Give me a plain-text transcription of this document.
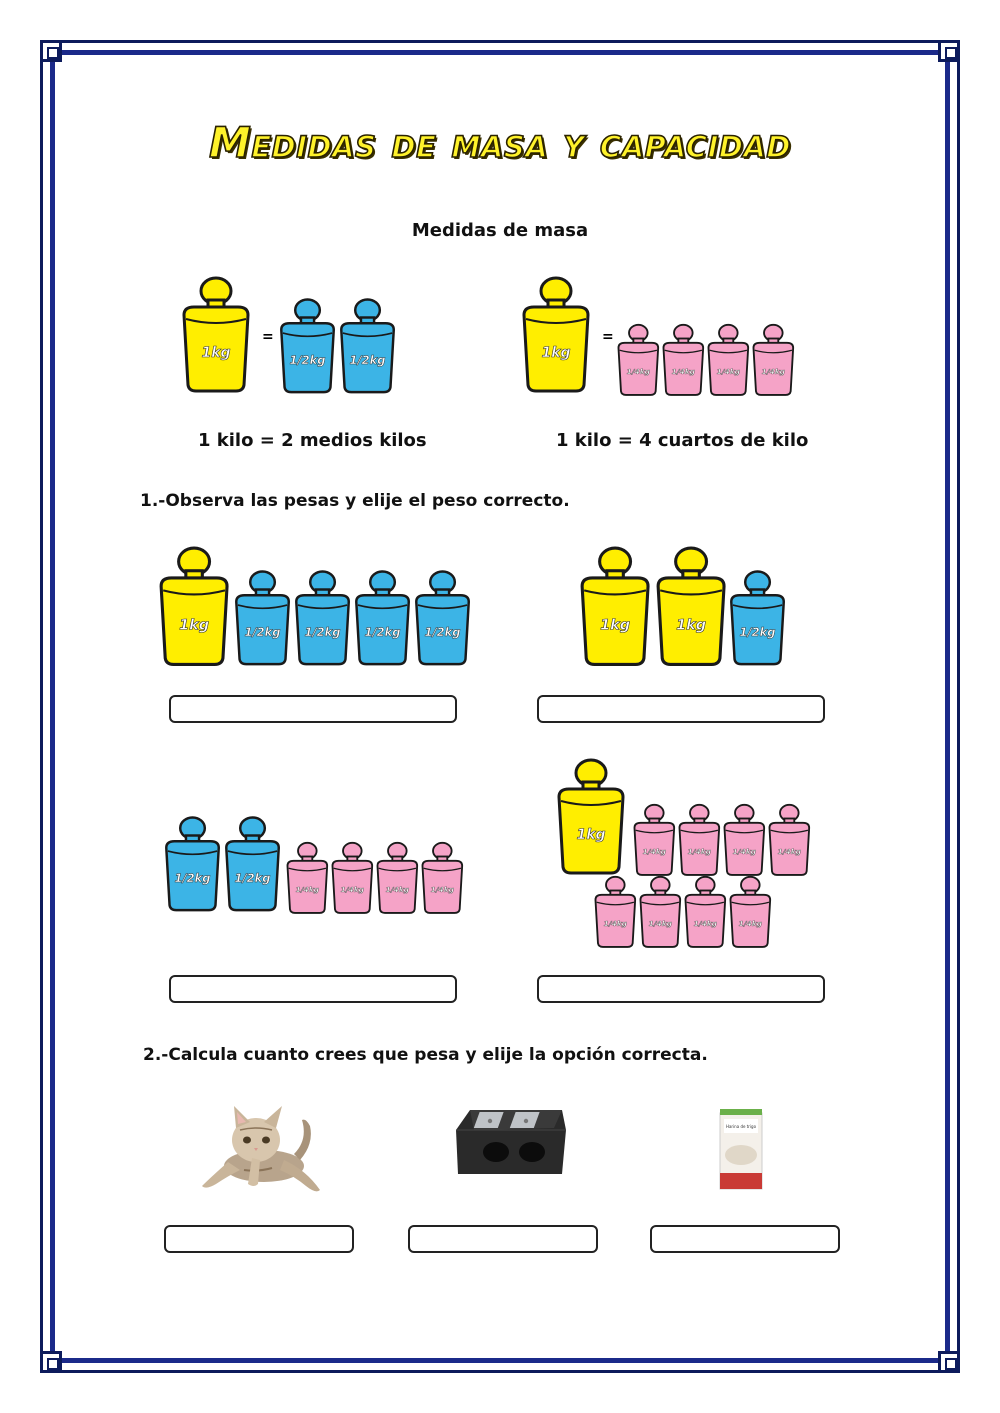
Medidas de masa y capacidad
Medidas de masa
1kg
=
1/2kg 1/2kg	1kg
=
1/4kg 1/4kg 1/4kg 1/4kg
1 kilo = 2 medios kilos	1 kilo = 4 cuartos de kilo
1.-Observa las pesas y elije el peso correcto.
1kg	1/2kg 1/2kg 1/2kg 1/2kg	1kg	1kg 1/2kg
1/2kg 1/2kg
1/4kg 1/4kg 1/4kg 1/4kg
1kg
1/4kg 1/4kg 1/4kg 1/4kg
1/4kg 1/4kg 1/4kg 1/4kg
2.-Calcula cuanto crees que pesa y elije la opción correcta.
Harina de trigo
